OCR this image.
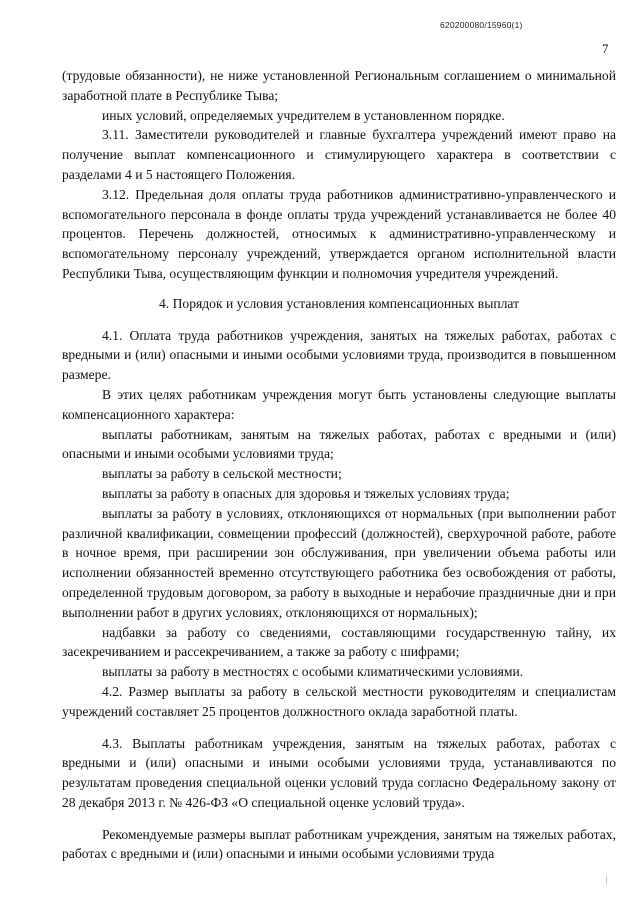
620200080/15960(1)
7

(трудовые обязанности), не ниже установленной Региональным соглашением о минимальной заработной плате в Республике Тыва;

иных условий, определяемых учредителем в установленном порядке.

3.11. Заместители руководителей и главные бухгалтера учреждений имеют право на получение выплат компенсационного и стимулирующего характера в соответствии с разделами 4 и 5 настоящего Положения.

3.12. Предельная доля оплаты труда работников административно-управленческого и вспомогательного персонала в фонде оплаты труда учреждений устанавливается не более 40 процентов. Перечень должностей, относимых к административно-управленческому и вспомогательному персоналу учреждений, утверждается органом исполнительной власти Республики Тыва, осуществляющим функции и полномочия учредителя учреждений.

4. Порядок и условия установления компенсационных выплат

4.1. Оплата труда работников учреждения, занятых на тяжелых работах, работах с вредными и (или) опасными и иными особыми условиями труда, производится в повышенном размере.

В этих целях работникам учреждения могут быть установлены следующие выплаты компенсационного характера:

выплаты работникам, занятым на тяжелых работах, работах с вредными и (или) опасными и иными особыми условиями труда;

выплаты за работу в сельской местности;

выплаты за работу в опасных для здоровья и тяжелых условиях труда;

выплаты за работу в условиях, отклоняющихся от нормальных (при выполнении работ различной квалификации, совмещении профессий (должностей), сверхурочной работе, работе в ночное время, при расширении зон обслуживания, при увеличении объема работы или исполнении обязанностей временно отсутствующего работника без освобождения от работы, определенной трудовым договором, за работу в выходные и нерабочие праздничные дни и при выполнении работ в других условиях, отклоняющихся от нормальных);

надбавки за работу со сведениями, составляющими государственную тайну, их засекречиванием и рассекречиванием, а также за работу с шифрами;

выплаты за работу в местностях с особыми климатическими условиями.

4.2. Размер выплаты за работу в сельской местности руководителям и специалистам учреждений составляет 25 процентов должностного оклада заработной платы.

4.3. Выплаты работникам учреждения, занятым на тяжелых работах, работах с вредными и (или) опасными и иными особыми условиями труда, устанавливаются по результатам проведения специальной оценки условий труда согласно Федеральному закону от 28 декабря 2013 г. № 426-ФЗ «О специальной оценке условий труда».

Рекомендуемые размеры выплат работникам учреждения, занятым на тяжелых работах, работах с вредными и (или) опасными и иными особыми условиями труда

⁄
